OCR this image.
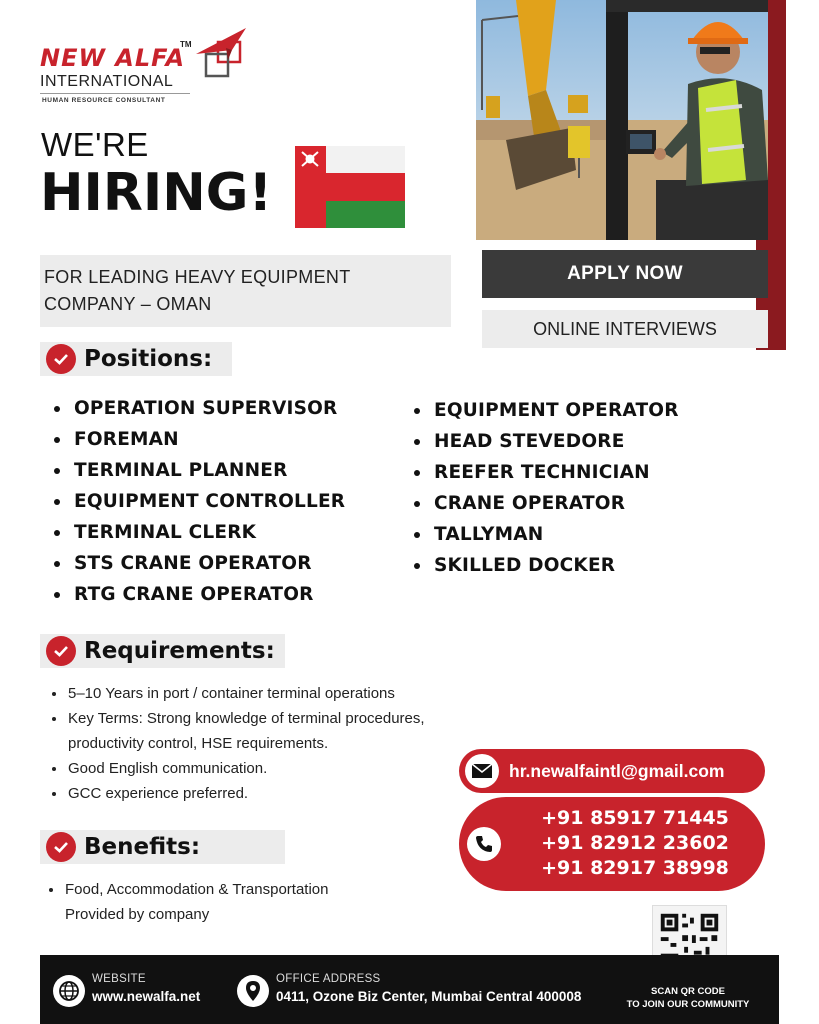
NEW ALFA
TM
INTERNATIONAL
HUMAN RESOURCE CONSULTANT
WE'RE
HIRING!
FOR LEADING HEAVY EQUIPMENT COMPANY – OMAN
APPLY NOW
ONLINE INTERVIEWS
Positions:
OPERATION SUPERVISOR
FOREMAN
TERMINAL PLANNER
EQUIPMENT CONTROLLER
TERMINAL CLERK
STS CRANE OPERATOR
RTG CRANE OPERATOR
EQUIPMENT OPERATOR
HEAD STEVEDORE
REEFER TECHNICIAN
CRANE OPERATOR
TALLYMAN
SKILLED DOCKER
Requirements:
5–10 Years in port / container terminal operations
Key Terms: Strong knowledge of terminal procedures, productivity control, HSE requirements.
Good English communication.
GCC experience preferred.
Benefits:
Food, Accommodation & Transportation Provided by company
hr.newalfaintl@gmail.com
+91 85917 71445
+91 82912 23602
+91 82917 38998
WEBSITE
www.newalfa.net
OFFICE ADDRESS
0411, Ozone Biz Center, Mumbai Central 400008	SCAN QR CODE
TO JOIN OUR COMMUNITY
